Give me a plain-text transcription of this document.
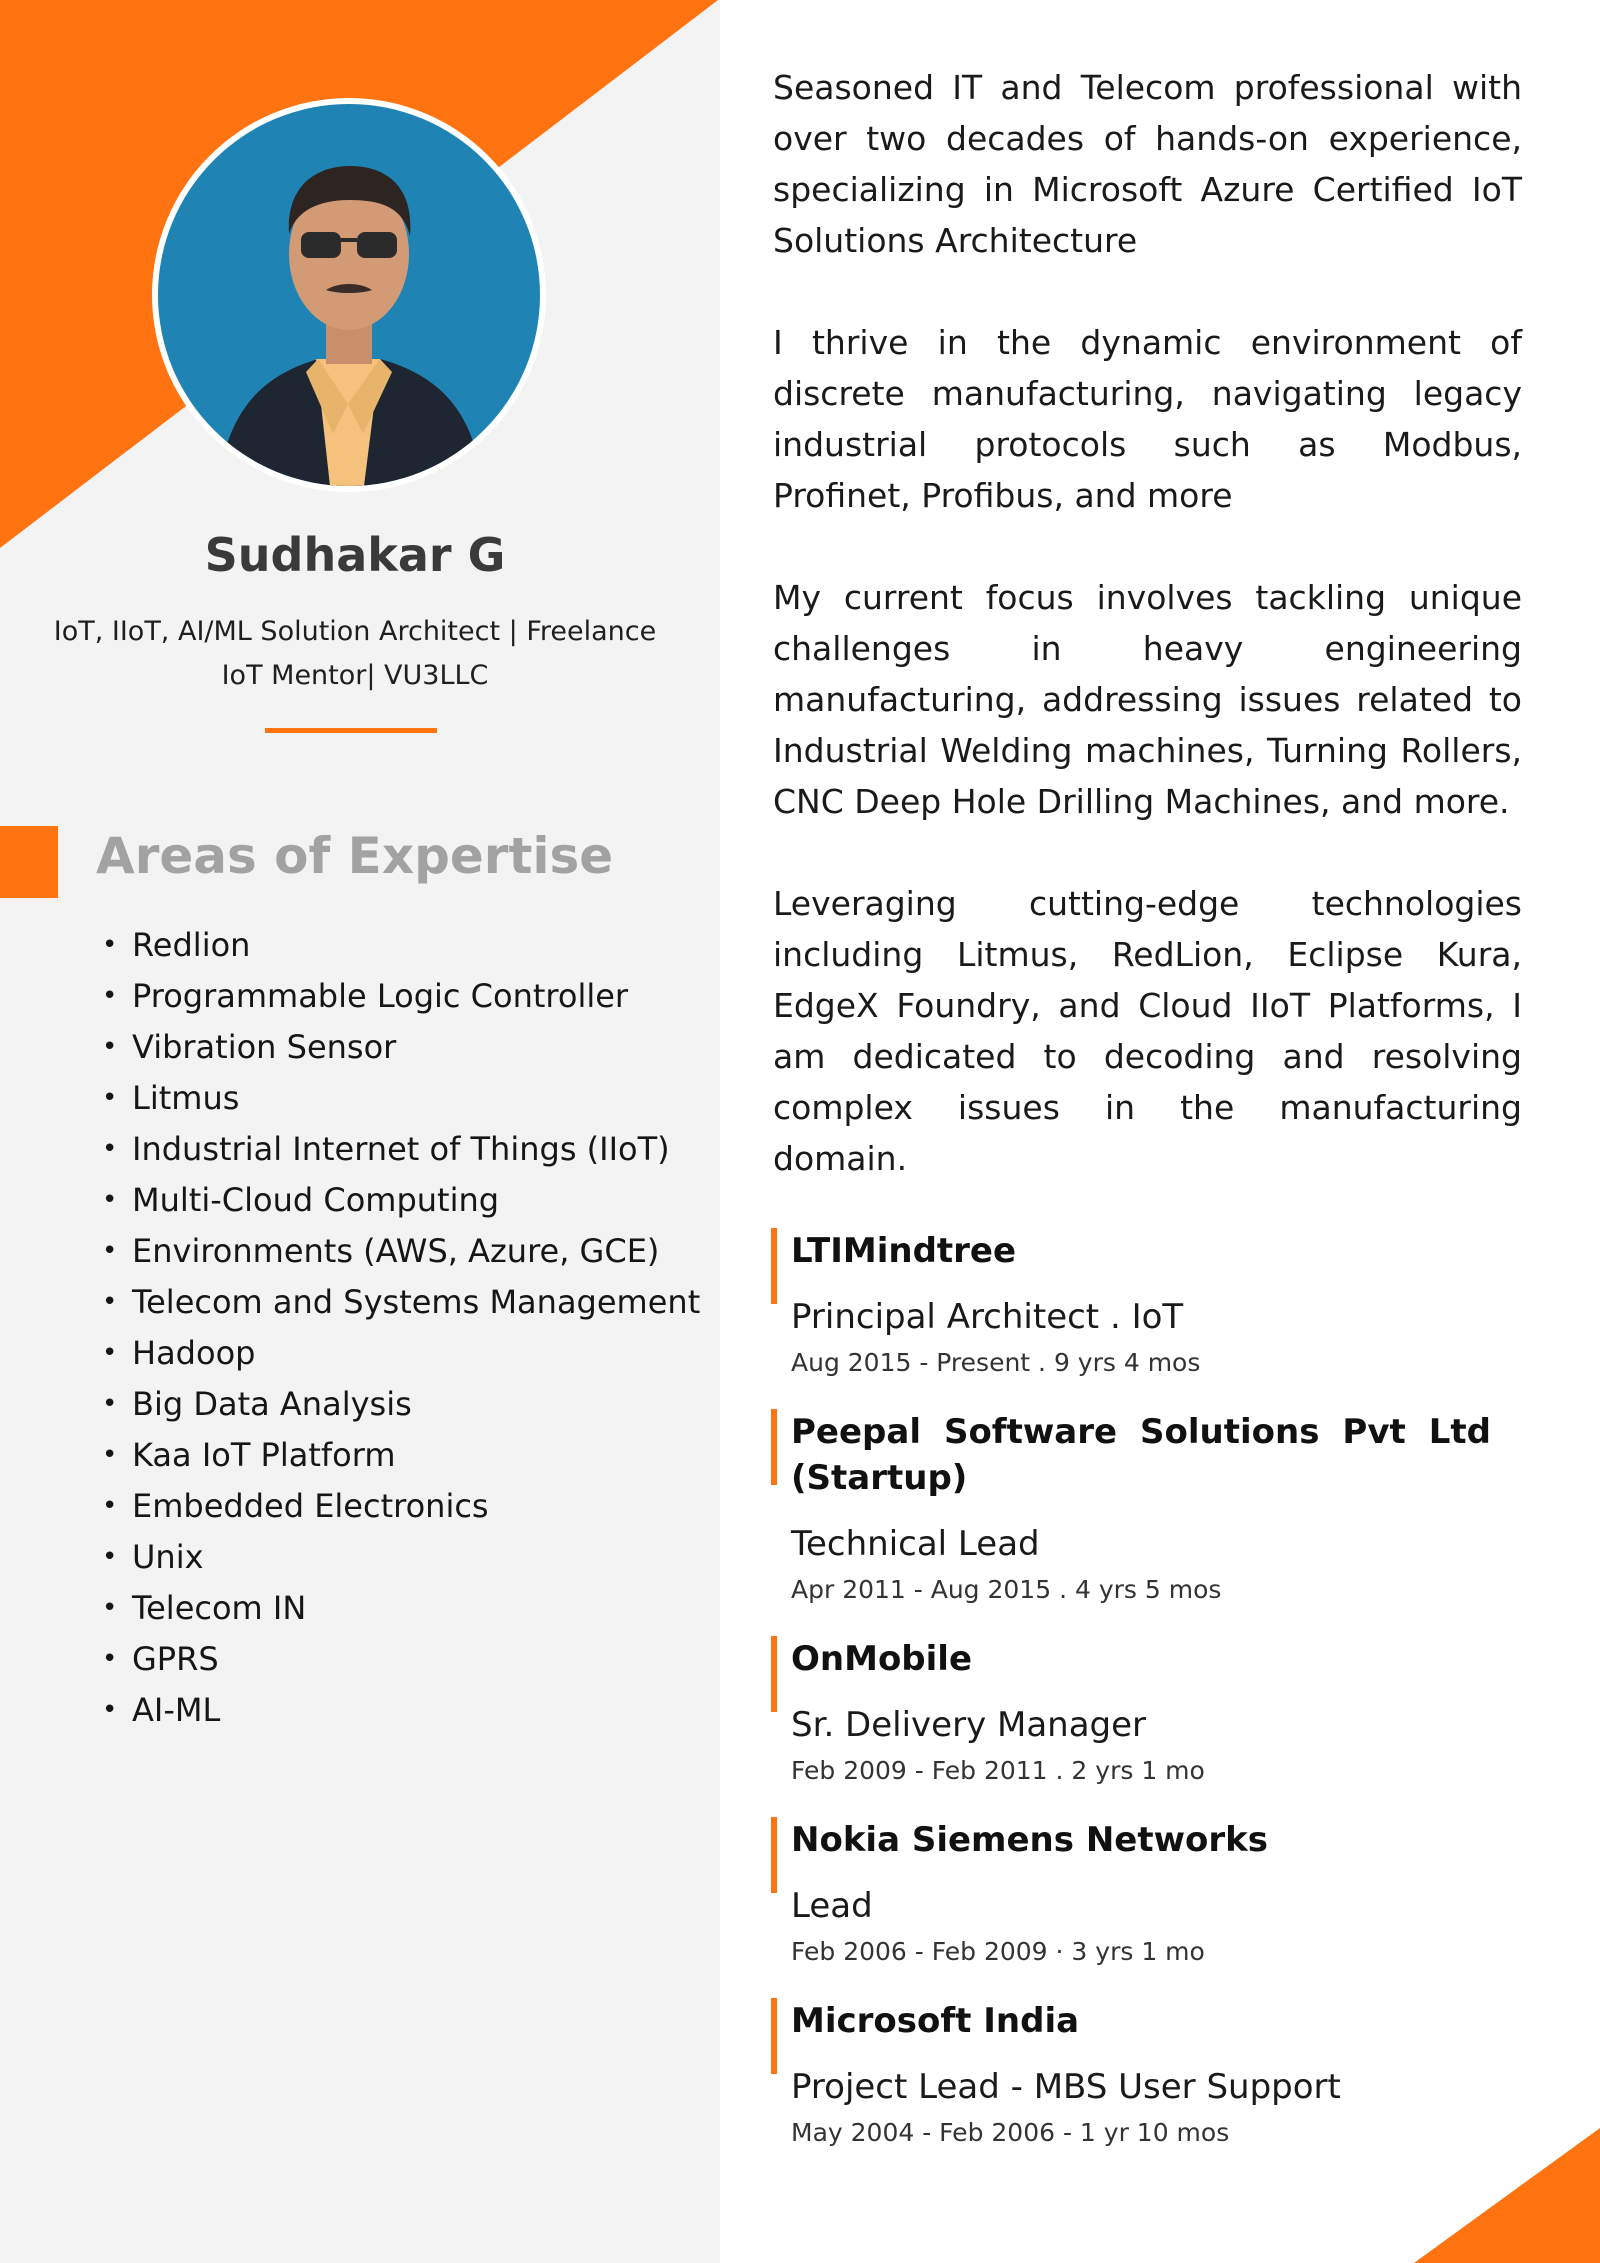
Sudhakar G
IoT, IIoT, AI/ML Solution Architect | Freelance IoT Mentor| VU3LLC
Areas of Expertise
• Redlion
• Programmable Logic Controller
• Vibration Sensor
• Litmus
• Industrial Internet of Things (IIoT)
• Multi-Cloud Computing
• Environments (AWS, Azure, GCE)
• Telecom and Systems Management
• Hadoop
• Big Data Analysis
• Kaa IoT Platform
• Embedded Electronics
• Unix
• Telecom IN
• GPRS
• AI-ML

Seasoned IT and Telecom professional with over two decades of hands-on experience, specializing in Microsoft Azure Certified IoT Solutions Architecture

I thrive in the dynamic environment of discrete manufacturing, navigating legacy industrial protocols such as Modbus, Profinet, Profibus, and more

My current focus involves tackling unique challenges in heavy engineering manufacturing, addressing issues related to Industrial Welding machines, Turning Rollers, CNC Deep Hole Drilling Machines, and more.

Leveraging cutting-edge technologies including Litmus, RedLion, Eclipse Kura, EdgeX Foundry, and Cloud IIoT Platforms, I am dedicated to decoding and resolving complex issues in the manufacturing domain.

LTIMindtree
Principal Architect . IoT
Aug 2015 - Present . 9 yrs 4 mos
Peepal Software Solutions Pvt Ltd (Startup)
Technical Lead
Apr 2011 - Aug 2015 . 4 yrs 5 mos
OnMobile
Sr. Delivery Manager
Feb 2009 - Feb 2011 . 2 yrs 1 mo
Nokia Siemens Networks
Lead
Feb 2006 - Feb 2009 · 3 yrs 1 mo
Microsoft India
Project Lead - MBS User Support
May 2004 - Feb 2006 - 1 yr 10 mos
